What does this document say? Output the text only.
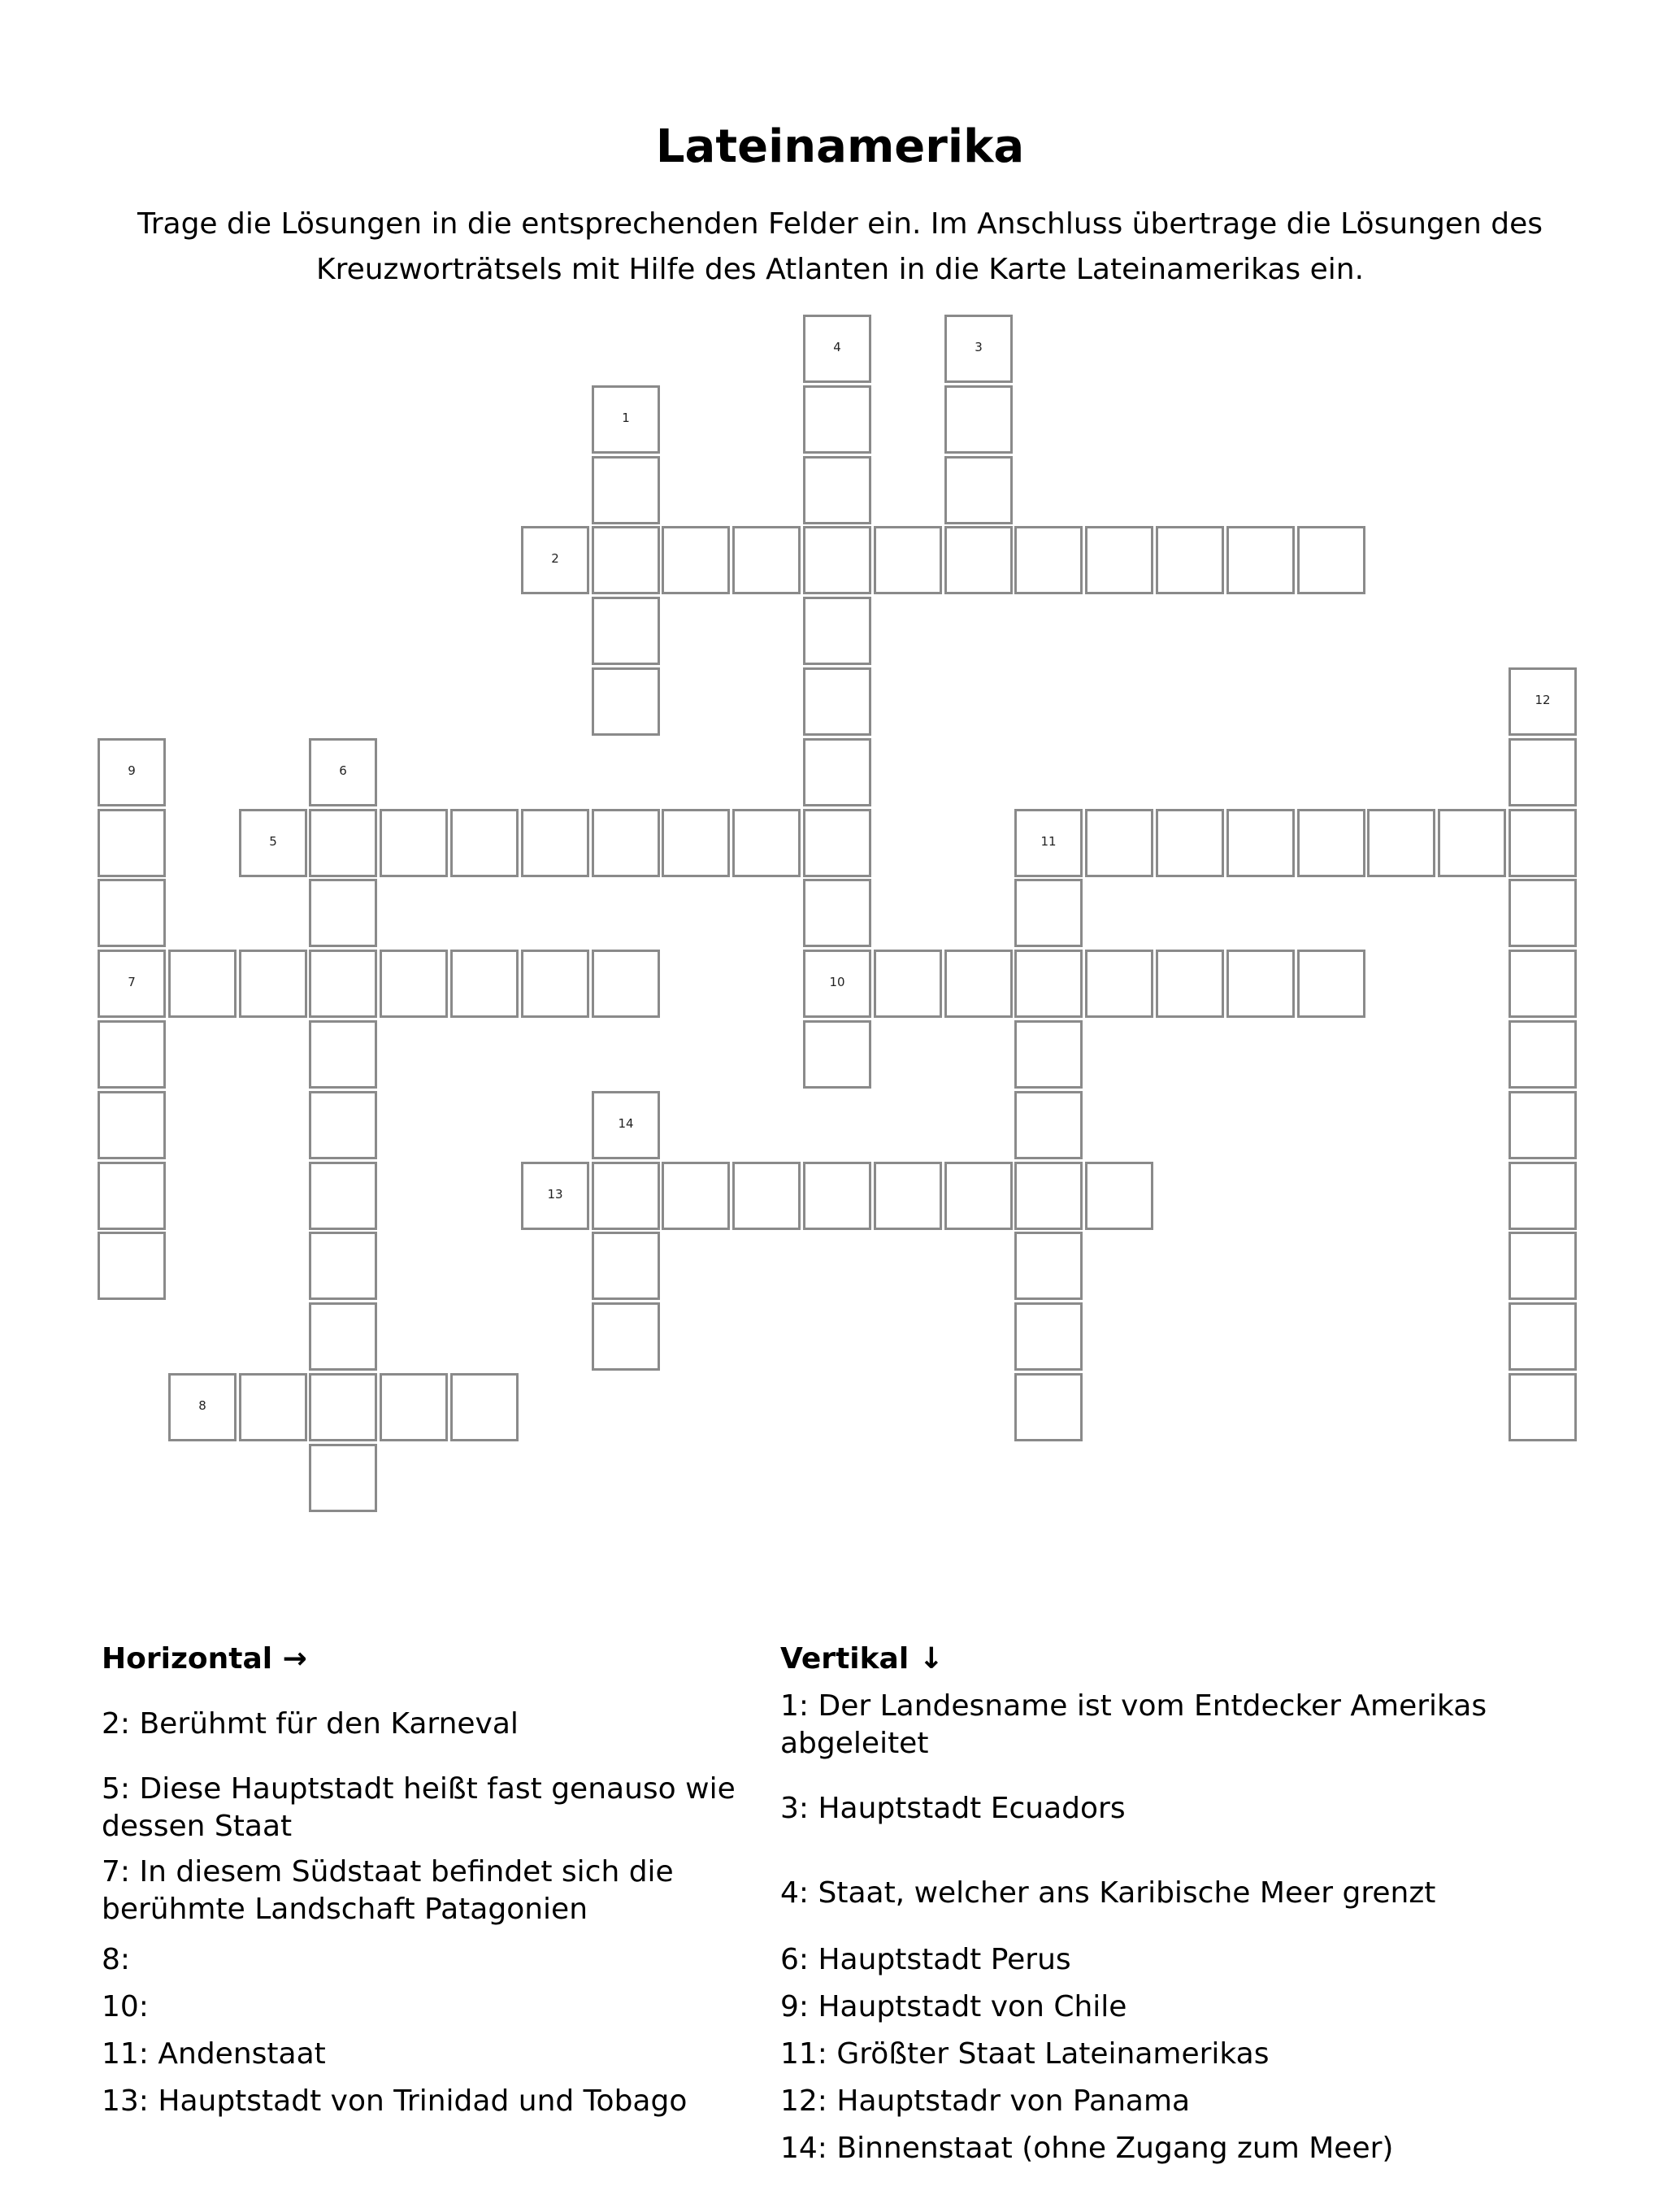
Lateinamerika

Trage die Lösungen in die entsprechenden Felder ein. Im Anschluss übertrage die Lösungen des Kreuzworträtsels mit Hilfe des Atlanten in die Karte Lateinamerikas ein.

1
2
3
4
10
5
6
7
8
9
11
12
13
14
Horizontal →	Vertikal ↓
2: Berühmt für den Karneval
5: Diese Hauptstadt heißt fast genauso wie dessen Staat
7: In diesem Südstaat befindet sich die berühmte Landschaft Patagonien
8:
10:
11: Andenstaat
13: Hauptstadt von Trinidad und Tobago
1: Der Landesname ist vom Entdecker Amerikas abgeleitet
3: Hauptstadt Ecuadors
4: Staat, welcher ans Karibische Meer grenzt
6: Hauptstadt Perus
9: Hauptstadt von Chile
11: Größter Staat Lateinamerikas
12: Hauptstadr von Panama
14: Binnenstaat (ohne Zugang zum Meer)
